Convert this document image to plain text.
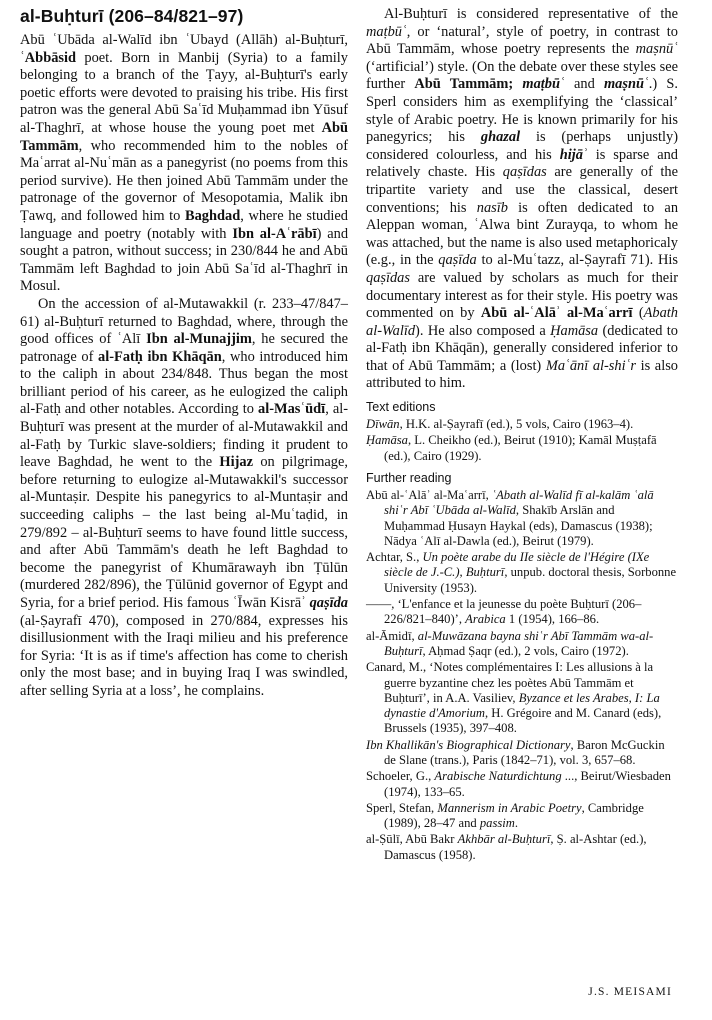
al-Buḥturī (206–84/821–97)

Abū ʿUbāda al-Walīd ibn ʿUbayd (Allāh) al-Buḥturī, ʿAbbāsid poet. Born in Manbij (Syria) to a family belonging to a branch of the Ṭayy, al-Buḥturī's early poetic efforts were devoted to praising his tribe. His first patron was the general Abū Saʿīd Muḥammad ibn Yūsuf al-Thaghrī, at whose house the young poet met Abū Tammām, who recommended him to the nobles of Maʿarrat al-Nuʿmān as a panegyrist (no poems from this period survive). He then joined Abū Tammām under the patronage of the governor of Mesopotamia, Malik ibn Ṭawq, and followed him to Baghdad, where he studied language and poetry (notably with Ibn al-Aʿrābī) and sought a patron, without success; in 230/844 he and Abū Tammām left Baghdad to join Abū Saʿīd al-Thaghrī in Mosul.

On the accession of al-Mutawakkil (r. 233–47/847–61) al-Buḥturī returned to Baghdad, where, through the good offices of ʿAlī Ibn al-Munajjim, he secured the patronage of al-Fatḥ ibn Khāqān, who introduced him to the caliph in about 234/848. Thus began the most brilliant period of his career, as he eulogized the caliph al-Fatḥ and other notables. According to al-Masʿūdī, al-Buḥturī was present at the murder of al-Mutawakkil and al-Fatḥ by Turkic slave-soldiers; finding it prudent to leave Baghdad, he went to the Hijaz on pilgrimage, before returning to eulogize al-Mutawakkil's successor al-Muntaṣir. Despite his panegyrics to al-Muntaṣir and succeeding caliphs – the last being al-Muʿtaḍid, in 279/892 – al-Buḥturī seems to have found little success, and after Abū Tammām's death he left Baghdad to become the panegyrist of Khumārawayh ibn Ṭūlūn (murdered 282/896), the Ṭūlūnid governor of Egypt and Syria, for a brief period. His famous ʿĪwān Kisrāʾ qaṣīda (al-Ṣayrafī 470), composed in 270/884, expresses his disillusionment with the Iraqi milieu and his preference for Syria: ‘It is as if time's affection has come to cherish only the most base; and in buying Iraq I was swindled, after selling Syria at a loss’, he complains.

Al-Buḥturī is considered representative of the maṭbūʿ, or ‘natural’, style of poetry, in contrast to Abū Tammām, whose poetry represents the maṣnūʿ (‘artificial’) style. (On the debate over these styles see further Abū Tammām; maṭbūʿ and maṣnūʿ.) S. Sperl considers him as exemplifying the ‘classical’ style of Arabic poetry. He is known primarily for his panegyrics; his ghazal is (perhaps unjustly) considered colourless, and his hijāʾ is sparse and relatively chaste. His qaṣīdas are generally of the tripartite variety and use the classical, desert conventions; his nasīb is often dedicated to an Aleppan woman, ʿAlwa bint Zurayqa, to whom he was attached, but the name is also used metaphoricaly (e.g., in the qaṣīda to al-Muʿtazz, al-Ṣayrafī 71). His qaṣīdas are valued by scholars as much for their documentary interest as for their style. His poetry was commented on by Abū al-ʿAlāʾ al-Maʿarrī (Abath al-Walīd). He also composed a Ḥamāsa (dedicated to al-Fatḥ ibn Khāqān), generally considered inferior to that of Abū Tammām; a (lost) Maʿānī al-shiʿr is also attributed to him.

Text editions

Dīwān, H.K. al-Ṣayrafī (ed.), 5 vols, Cairo (1963–4).

Ḥamāsa, L. Cheikho (ed.), Beirut (1910); Kamāl Muṣṭafā (ed.), Cairo (1929).

Further reading

Abū al-ʿAlāʾ al-Maʿarrī, ʿAbath al-Walīd fī al-kalām ʿalā shiʿr Abī ʿUbāda al-Walīd, Shakīb Arslān and Muḥammad Ḥusayn Haykal (eds), Damascus (1938); Nādya ʿAlī al-Dawla (ed.), Beirut (1979).

Achtar, S., Un poète arabe du IIe siècle de l'Hégire (IXe siècle de J.-C.), Buḥturī, unpub. doctoral thesis, Sorbonne University (1953).

——, ‘L'enfance et la jeunesse du poète Buḥturī (206–226/821–840)’, Arabica 1 (1954), 166–86.

al-Āmidī, al-Muwāzana bayna shiʿr Abī Tammām wa-al-Buḥturī, Aḥmad Ṣaqr (ed.), 2 vols, Cairo (1972).

Canard, M., ‘Notes complémentaires I: Les allusions à la guerre byzantine chez les poètes Abū Tammām et Buḥturī’, in A.A. Vasiliev, Byzance et les Arabes, I: La dynastie d'Amorium, H. Grégoire and M. Canard (eds), Brussels (1935), 397–408.

Ibn Khallikān's Biographical Dictionary, Baron McGuckin de Slane (trans.), Paris (1842–71), vol. 3, 657–68.

Schoeler, G., Arabische Naturdichtung ..., Beirut/Wiesbaden (1974), 133–65.

Sperl, Stefan, Mannerism in Arabic Poetry, Cambridge (1989), 28–47 and passim.

al-Ṣūlī, Abū Bakr Akhbār al-Buḥturī, Ṣ. al-Ashtar (ed.), Damascus (1958).

J.S. MEISAMI
